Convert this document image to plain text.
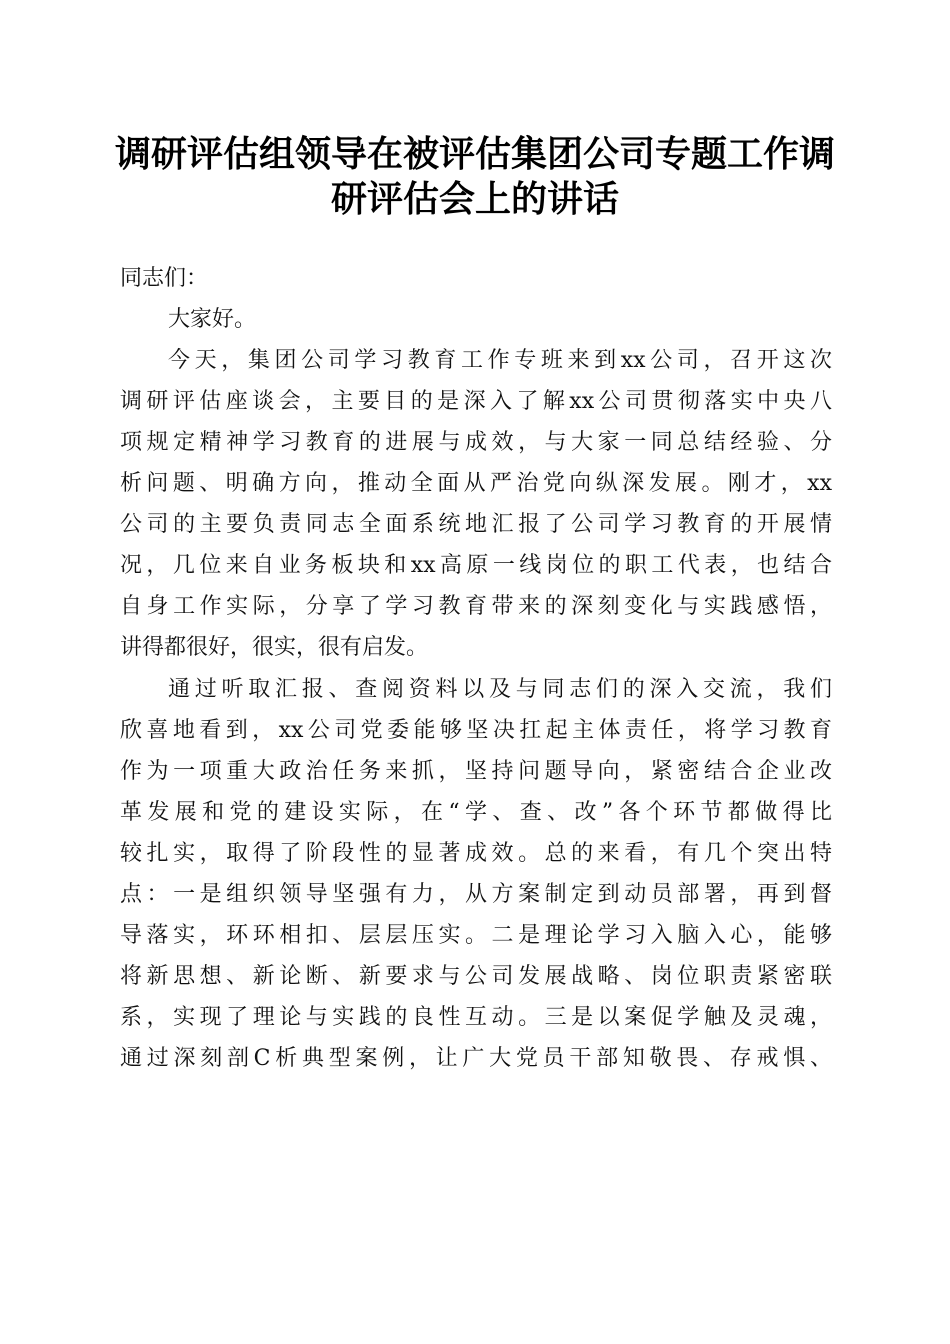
调研评估组领导在被评估集团公司专题工作调
研评估会上的讲话
同志们：
大家好。
今天，集团公司学习教育工作专班来到xx公司，召开这次
调研评估座谈会，主要目的是深入了解xx公司贯彻落实中央八
项规定精神学习教育的进展与成效，与大家一同总结经验、分
析问题、明确方向，推动全面从严治党向纵深发展。刚才，xx
公司的主要负责同志全面系统地汇报了公司学习教育的开展情
况，几位来自业务板块和xx高原一线岗位的职工代表，也结合
自身工作实际，分享了学习教育带来的深刻变化与实践感悟，
讲得都很好，很实，很有启发。
通过听取汇报、查阅资料以及与同志们的深入交流，我们
欣喜地看到，xx公司党委能够坚决扛起主体责任，将学习教育
作为一项重大政治任务来抓，坚持问题导向，紧密结合企业改
革发展和党的建设实际，在“学、查、改”各个环节都做得比
较扎实，取得了阶段性的显著成效。总的来看，有几个突出特
点：一是组织领导坚强有力，从方案制定到动员部署，再到督
导落实，环环相扣、层层压实。二是理论学习入脑入心，能够
将新思想、新论断、新要求与公司发展战略、岗位职责紧密联
系，实现了理论与实践的良性互动。三是以案促学触及灵魂，
通过深刻剖C析典型案例，让广大党员干部知敬畏、存戒惧、
